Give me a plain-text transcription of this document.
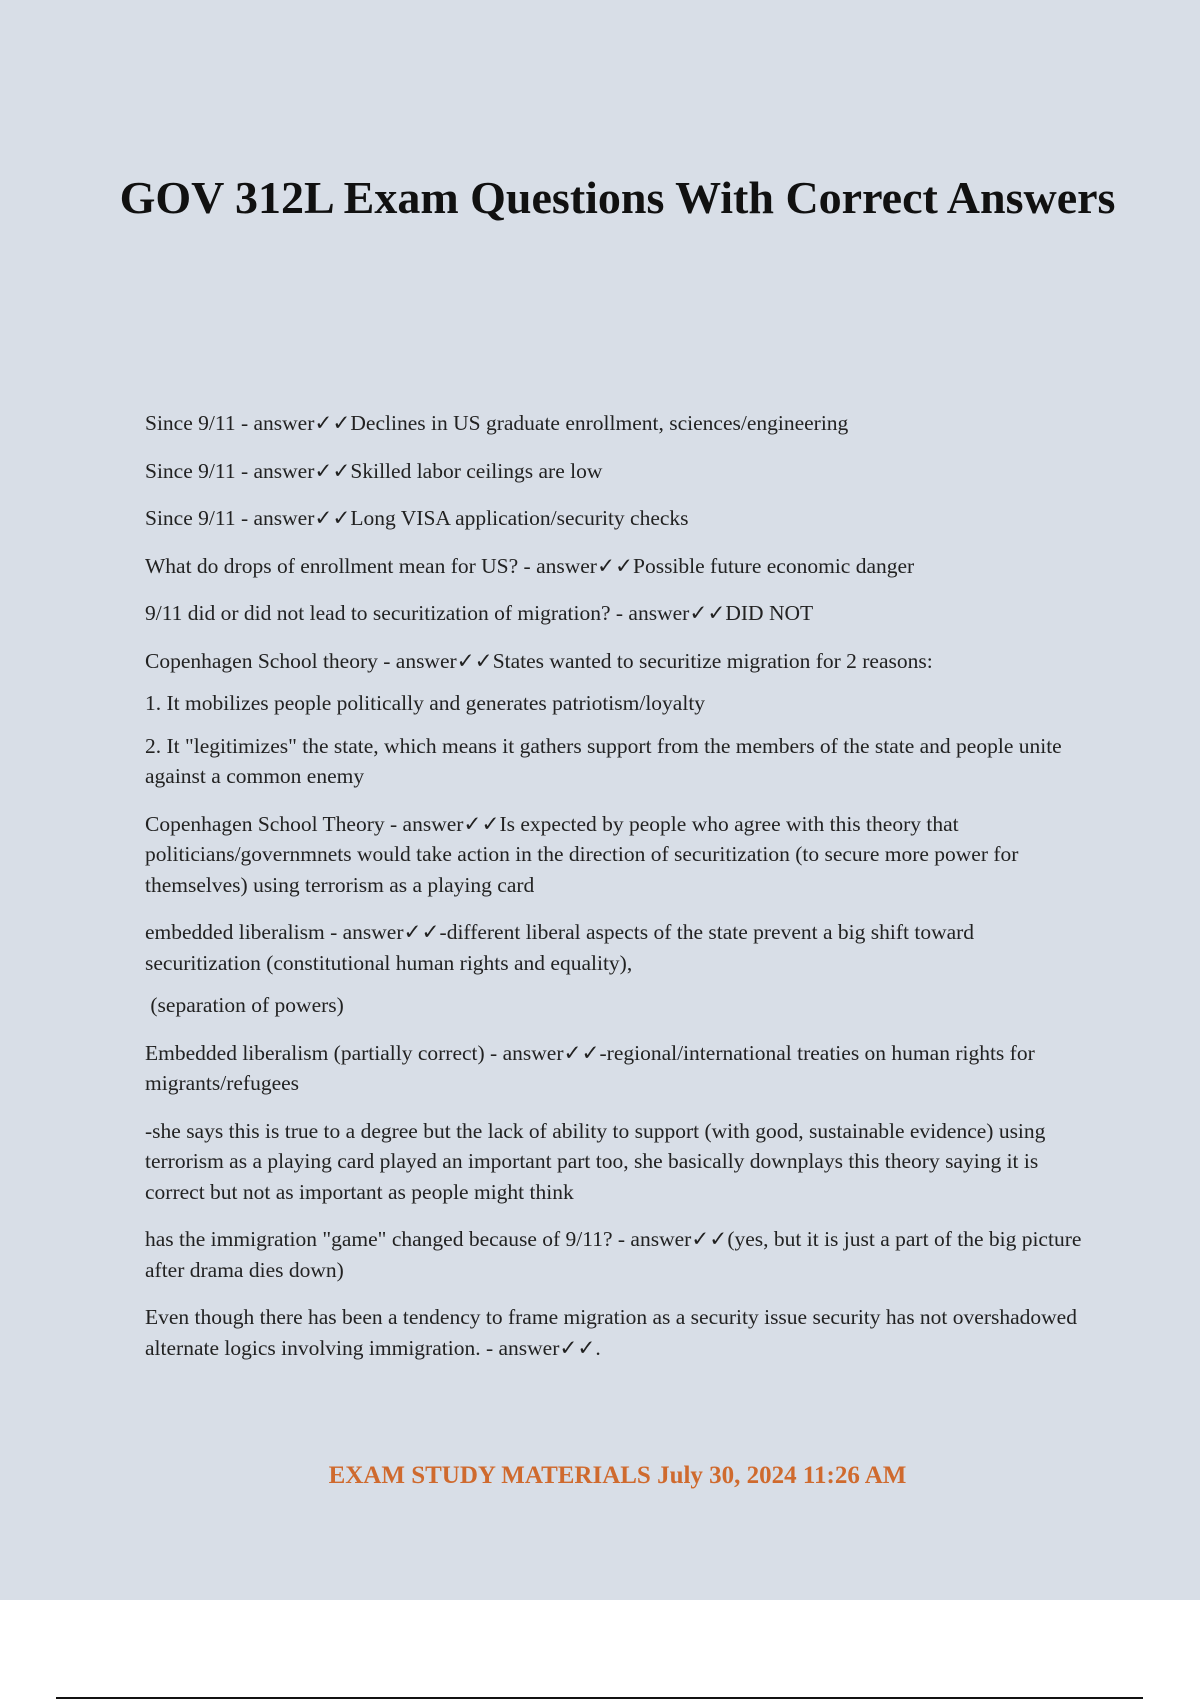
GOV 312L Exam Questions With Correct Answers

Since 9/11 - answer✓✓Declines in US graduate enrollment, sciences/engineering

Since 9/11 - answer✓✓Skilled labor ceilings are low

Since 9/11 - answer✓✓Long VISA application/security checks

What do drops of enrollment mean for US? - answer✓✓Possible future economic danger

9/11 did or did not lead to securitization of migration? - answer✓✓DID NOT

Copenhagen School theory - answer✓✓States wanted to securitize migration for 2 reasons:

1. It mobilizes people politically and generates patriotism/loyalty

2. It "legitimizes" the state, which means it gathers support from the members of the state and people unite against a common enemy

Copenhagen School Theory - answer✓✓Is expected by people who agree with this theory that politicians/governmnets would take action in the direction of securitization (to secure more power for themselves) using terrorism as a playing card

embedded liberalism - answer✓✓-different liberal aspects of the state prevent a big shift toward securitization (constitutional human rights and equality),

(separation of powers)

Embedded liberalism (partially correct) - answer✓✓-regional/international treaties on human rights for migrants/refugees

-she says this is true to a degree but the lack of ability to support (with good, sustainable evidence) using terrorism as a playing card played an important part too, she basically downplays this theory saying it is correct but not as important as people might think

has the immigration "game" changed because of 9/11? - answer✓✓(yes, but it is just a part of the big picture after drama dies down)

Even though there has been a tendency to frame migration as a security issue security has not overshadowed alternate logics involving immigration. - answer✓✓.

EXAM STUDY MATERIALS July 30, 2024 11:26 AM
